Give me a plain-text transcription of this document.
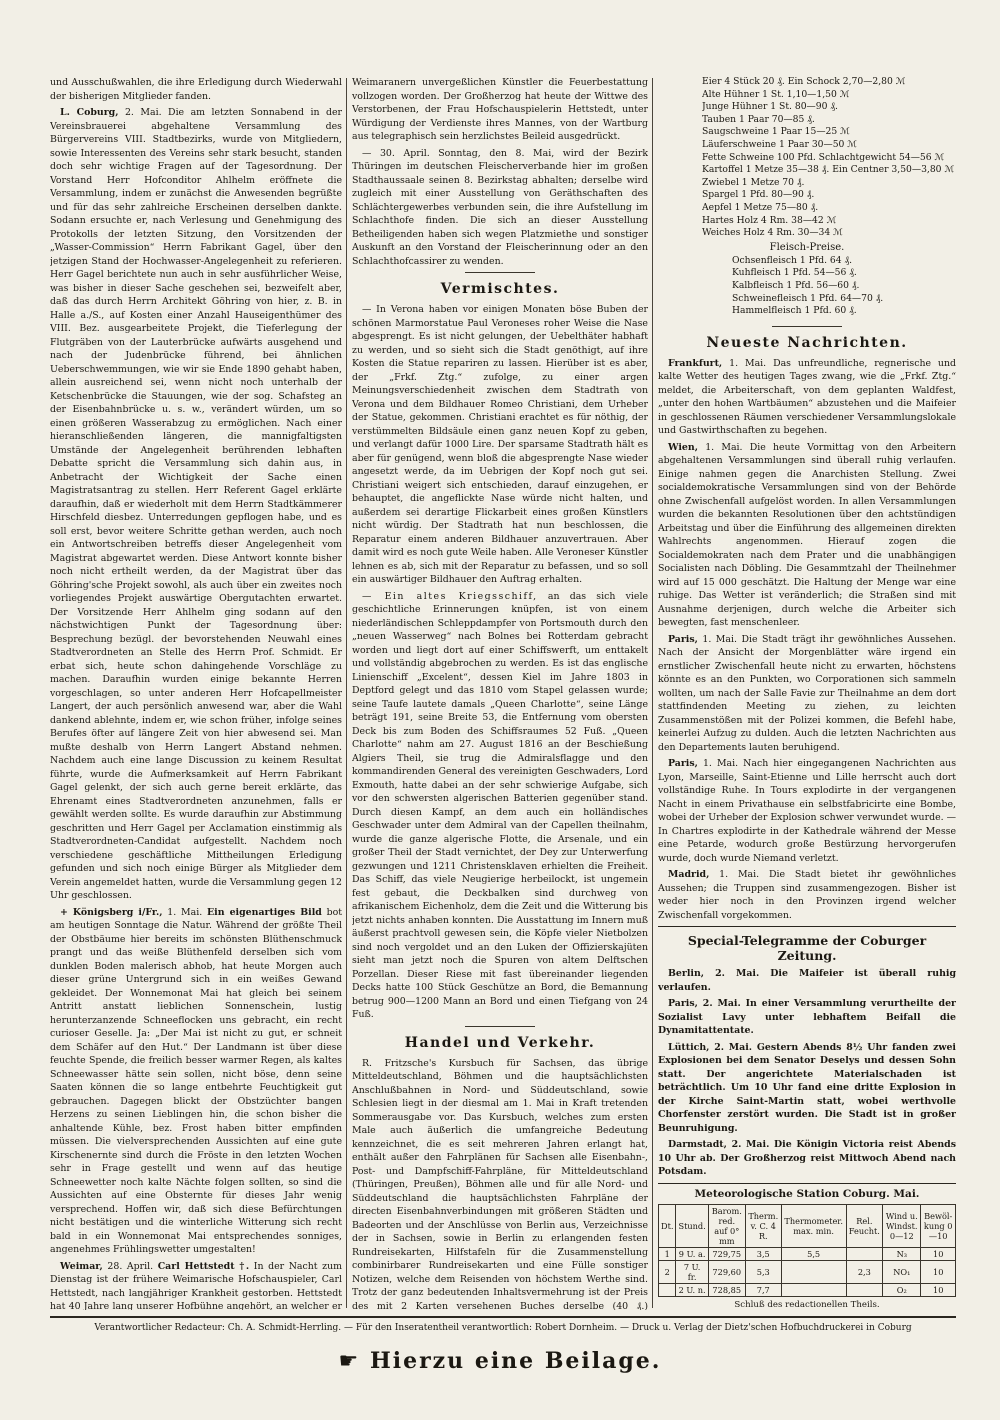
und Ausschußwahlen, die ihre Erledigung durch Wiederwahl der bisherigen Mitglieder fanden.

L. Coburg, 2. Mai. Die am letzten Sonnabend in der Vereinsbrauerei abgehaltene Versammlung des Bürgervereins VIII. Stadtbezirks, wurde von Mitgliedern, sowie Interessenten des Vereins sehr stark besucht, standen doch sehr wichtige Fragen auf der Tagesordnung. Der Vorstand Herr Hofconditor Ahlhelm eröffnete die Versammlung, indem er zunächst die Anwesenden begrüßte und für das sehr zahlreiche Erscheinen derselben dankte. Sodann ersuchte er, nach Verlesung und Genehmigung des Protokolls der letzten Sitzung, den Vorsitzenden der „Wasser-Commission“ Herrn Fabrikant Gagel, über den jetzigen Stand der Hochwasser-Angelegenheit zu referieren. Herr Gagel berichtete nun auch in sehr ausführlicher Weise, was bisher in dieser Sache geschehen sei, bezweifelt aber, daß das durch Herrn Architekt Göhring von hier, z. B. in Halle a./S., auf Kosten einer Anzahl Hauseigenthümer des VIII. Bez. ausgearbeitete Projekt, die Tieferlegung der Flutgräben von der Lauterbrücke aufwärts ausgehend und nach der Judenbrücke führend, bei ähnlichen Ueberschwemmungen, wie wir sie Ende 1890 gehabt haben, allein ausreichend sei, wenn nicht noch unterhalb der Ketschenbrücke die Stauungen, wie der sog. Schafsteg an der Eisenbahnbrücke u. s. w., verändert würden, um so einen größeren Wasserabzug zu ermöglichen. Nach einer hieranschließenden längeren, die mannigfaltigsten Umstände der Angelegenheit berührenden lebhaften Debatte spricht die Versammlung sich dahin aus, in Anbetracht der Wichtigkeit der Sache einen Magistratsantrag zu stellen. Herr Referent Gagel erklärte daraufhin, daß er wiederholt mit dem Herrn Stadtkämmerer Hirschfeld diesbez. Unterredungen gepflogen habe, und es soll erst, bevor weitere Schritte gethan werden, auch noch ein Antwortschreiben betreffs dieser Angelegenheit vom Magistrat abgewartet werden. Diese Antwort konnte bisher noch nicht ertheilt werden, da der Magistrat über das Göhring'sche Projekt sowohl, als auch über ein zweites noch vorliegendes Projekt auswärtige Obergutachten erwartet. Der Vorsitzende Herr Ahlhelm ging sodann auf den nächstwichtigen Punkt der Tagesordnung über: Besprechung bezügl. der bevorstehenden Neuwahl eines Stadtverordneten an Stelle des Herrn Prof. Schmidt. Er erbat sich, heute schon dahingehende Vorschläge zu machen. Daraufhin wurden einige bekannte Herren vorgeschlagen, so unter anderen Herr Hofcapellmeister Langert, der auch persönlich anwesend war, aber die Wahl dankend ablehnte, indem er, wie schon früher, infolge seines Berufes öfter auf längere Zeit von hier abwesend sei. Man mußte deshalb von Herrn Langert Abstand nehmen. Nachdem auch eine lange Discussion zu keinem Resultat führte, wurde die Aufmerksamkeit auf Herrn Fabrikant Gagel gelenkt, der sich auch gerne bereit erklärte, das Ehrenamt eines Stadtverordneten anzunehmen, falls er gewählt werden sollte. Es wurde daraufhin zur Abstimmung geschritten und Herr Gagel per Acclamation einstimmig als Stadtverordneten-Candidat aufgestellt. Nachdem noch verschiedene geschäftliche Mittheilungen Erledigung gefunden und sich noch einige Bürger als Mitglieder dem Verein angemeldet hatten, wurde die Versammlung gegen 12 Uhr geschlossen.

+ Königsberg i/Fr., 1. Mai. Ein eigenartiges Bild bot am heutigen Sonntage die Natur. Während der größte Theil der Obstbäume hier bereits im schönsten Blüthenschmuck prangt und das weiße Blüthenfeld derselben sich vom dunklen Boden malerisch abhob, hat heute Morgen auch dieser grüne Untergrund sich in ein weißes Gewand gekleidet. Der Wonnemonat Mai hat gleich bei seinem Antritt anstatt lieblichen Sonnenschein, lustig herunterzanzende Schneeflocken uns gebracht, ein recht curioser Geselle. Ja: „Der Mai ist nicht zu gut, er schneit dem Schäfer auf den Hut.“ Der Landmann ist über diese feuchte Spende, die freilich besser warmer Regen, als kaltes Schneewasser hätte sein sollen, nicht böse, denn seine Saaten können die so lange entbehrte Feuchtigkeit gut gebrauchen. Dagegen blickt der Obstzüchter bangen Herzens zu seinen Lieblingen hin, die schon bisher die anhaltende Kühle, bez. Frost haben bitter empfinden müssen. Die vielversprechenden Aussichten auf eine gute Kirschenernte sind durch die Fröste in den letzten Wochen sehr in Frage gestellt und wenn auf das heutige Schneewetter noch kalte Nächte folgen sollten, so sind die Aussichten auf eine Obsternte für dieses Jahr wenig versprechend. Hoffen wir, daß sich diese Befürchtungen nicht bestätigen und die winterliche Witterung sich recht bald in ein Wonnemonat Mai entsprechendes sonniges, angenehmes Frühlingswetter umgestalten!

Weimar, 28. April. Carl Hettstedt †. In der Nacht zum Dienstag ist der frühere Weimarische Hofschauspieler, Carl Hettstedt, nach langjähriger Krankheit gestorben. Hettstedt hat 40 Jahre lang unserer Hofbühne angehört, an welcher er

Weimaranern unvergeßlichen Künstler die Feuerbestattung vollzogen worden. Der Großherzog hat heute der Wittwe des Verstorbenen, der Frau Hofschauspielerin Hettstedt, unter Würdigung der Verdienste ihres Mannes, von der Wartburg aus telegraphisch sein herzlichstes Beileid ausgedrückt.

— 30. April. Sonntag, den 8. Mai, wird der Bezirk Thüringen im deutschen Fleischerverbande hier im großen Stadthaussaale seinen 8. Bezirkstag abhalten; derselbe wird zugleich mit einer Ausstellung von Geräthschaften des Schlächtergewerbes verbunden sein, die ihre Aufstellung im Schlachthofe finden. Die sich an dieser Ausstellung Betheiligenden haben sich wegen Platzmiethe und sonstiger Auskunft an den Vorstand der Fleischerinnung oder an den Schlachthofcassirer zu wenden.

Vermischtes.

— In Verona haben vor einigen Monaten böse Buben der schönen Marmorstatue Paul Veroneses roher Weise die Nase abgesprengt. Es ist nicht gelungen, der Uebelthäter habhaft zu werden, und so sieht sich die Stadt genöthigt, auf ihre Kosten die Statue repariren zu lassen. Hierüber ist es aber, der „Frkf. Ztg.“ zufolge, zu einer argen Meinungsverschiedenheit zwischen dem Stadtrath von Verona und dem Bildhauer Romeo Christiani, dem Urheber der Statue, gekommen. Christiani erachtet es für nöthig, der verstümmelten Bildsäule einen ganz neuen Kopf zu geben, und verlangt dafür 1000 Lire. Der sparsame Stadtrath hält es aber für genügend, wenn bloß die abgesprengte Nase wieder angesetzt werde, da im Uebrigen der Kopf noch gut sei. Christiani weigert sich entschieden, darauf einzugehen, er behauptet, die angeflickte Nase würde nicht halten, und außerdem sei derartige Flickarbeit eines großen Künstlers nicht würdig. Der Stadtrath hat nun beschlossen, die Reparatur einem anderen Bildhauer anzuvertrauen. Aber damit wird es noch gute Weile haben. Alle Veroneser Künstler lehnen es ab, sich mit der Reparatur zu befassen, und so soll ein auswärtiger Bildhauer den Auftrag erhalten.

— Ein altes Kriegsschiff, an das sich viele geschichtliche Erinnerungen knüpfen, ist von einem niederländischen Schleppdampfer von Portsmouth durch den „neuen Wasserweg“ nach Bolnes bei Rotterdam gebracht worden und liegt dort auf einer Schiffswerft, um enttakelt und vollständig abgebrochen zu werden. Es ist das englische Linienschiff „Excelent“, dessen Kiel im Jahre 1803 in Deptford gelegt und das 1810 vom Stapel gelassen wurde; seine Taufe lautete damals „Queen Charlotte“, seine Länge beträgt 191, seine Breite 53, die Entfernung vom obersten Deck bis zum Boden des Schiffsraumes 52 Fuß. „Queen Charlotte“ nahm am 27. August 1816 an der Beschießung Algiers Theil, sie trug die Admiralsflagge und den kommandirenden General des vereinigten Geschwaders, Lord Exmouth, hatte dabei an der sehr schwierige Aufgabe, sich vor den schwersten algerischen Batterien gegenüber stand. Durch diesen Kampf, an dem auch ein holländisches Geschwader unter dem Admiral van der Capellen theilnahm, wurde die ganze algerische Flotte, die Arsenale, und ein großer Theil der Stadt vernichtet, der Dey zur Unterwerfung gezwungen und 1211 Christensklaven erhielten die Freiheit. Das Schiff, das viele Neugierige herbeilockt, ist ungemein fest gebaut, die Deckbalken sind durchweg von afrikanischem Eichenholz, dem die Zeit und die Witterung bis jetzt nichts anhaben konnten. Die Ausstattung im Innern muß äußerst prachtvoll gewesen sein, die Köpfe vieler Nietbolzen sind noch vergoldet und an den Luken der Offizierskajüten sieht man jetzt noch die Spuren von altem Delftschen Porzellan. Dieser Riese mit fast übereinander liegenden Decks hatte 100 Stück Geschütze an Bord, die Bemannung betrug 900—1200 Mann an Bord und einen Tiefgang von 24 Fuß.

Handel und Verkehr.

R. Fritzsche's Kursbuch für Sachsen, das übrige Mitteldeutschland, Böhmen und die hauptsächlichsten Anschlußbahnen in Nord- und Süddeutschland, sowie Schlesien liegt in der diesmal am 1. Mai in Kraft tretenden Sommerausgabe vor. Das Kursbuch, welches zum ersten Male auch äußerlich die umfangreiche Bedeutung kennzeichnet, die es seit mehreren Jahren erlangt hat, enthält außer den Fahrplänen für Sachsen alle Eisenbahn-, Post- und Dampfschiff-Fahrpläne, für Mitteldeutschland (Thüringen, Preußen), Böhmen alle und für alle Nord- und Süddeutschland die hauptsächlichsten Fahrpläne der directen Eisenbahnverbindungen mit größeren Städten und Badeorten und der Anschlüsse von Berlin aus, Verzeichnisse der in Sachsen, sowie in Berlin zu erlangenden festen Rundreisekarten, Hilfstafeln für die Zusammenstellung combinirbarer Rundreisekarten und eine Fülle sonstiger Notizen, welche dem Reisenden von höchstem Werthe sind. Trotz der ganz bedeutenden Inhaltsvermehrung ist der Preis des mit 2 Karten versehenen Buches derselbe (40 ₰.)

Eier 4 Stück 20 ₰. Ein Schock 2,70—2,80 ℳ
Alte Hühner 1 St. 1,10—1,50 ℳ
Junge Hühner 1 St. 80—90 ₰.
Tauben 1 Paar 70—85 ₰.
Saugschweine 1 Paar 15—25 ℳ
Läuferschweine 1 Paar 30—50 ℳ
Fette Schweine 100 Pfd. Schlachtgewicht 54—56 ℳ
Kartoffel 1 Metze 35—38 ₰. Ein Centner 3,50—3,80 ℳ
Zwiebel 1 Metze 70 ₰.
Spargel 1 Pfd. 80—90 ₰.
Aepfel 1 Metze 75—80 ₰.
Hartes Holz 4 Rm. 38—42 ℳ
Weiches Holz 4 Rm. 30—34 ℳ
Fleisch-Preise.
Ochsenfleisch 1 Pfd. 64 ₰.
Kuhfleisch 1 Pfd. 54—56 ₰.
Kalbfleisch 1 Pfd. 56—60 ₰.
Schweinefleisch 1 Pfd. 64—70 ₰.
Hammelfleisch 1 Pfd. 60 ₰.
Neueste Nachrichten.

Frankfurt, 1. Mai. Das unfreundliche, regnerische und kalte Wetter des heutigen Tages zwang, wie die „Frkf. Ztg.“ meldet, die Arbeiterschaft, von dem geplanten Waldfest, „unter den hohen Wartbäumen“ abzustehen und die Maifeier in geschlossenen Räumen verschiedener Versammlungslokale und Gastwirthschaften zu begehen.

Wien, 1. Mai. Die heute Vormittag von den Arbeitern abgehaltenen Versammlungen sind überall ruhig verlaufen. Einige nahmen gegen die Anarchisten Stellung. Zwei socialdemokratische Versammlungen sind von der Behörde ohne Zwischenfall aufgelöst worden. In allen Versammlungen wurden die bekannten Resolutionen über den achtstündigen Arbeitstag und über die Einführung des allgemeinen direkten Wahlrechts angenommen. Hierauf zogen die Socialdemokraten nach dem Prater und die unabhängigen Socialisten nach Döbling. Die Gesammtzahl der Theilnehmer wird auf 15 000 geschätzt. Die Haltung der Menge war eine ruhige. Das Wetter ist veränderlich; die Straßen sind mit Ausnahme derjenigen, durch welche die Arbeiter sich bewegten, fast menschenleer.

Paris, 1. Mai. Die Stadt trägt ihr gewöhnliches Aussehen. Nach der Ansicht der Morgenblätter wäre irgend ein ernstlicher Zwischenfall heute nicht zu erwarten, höchstens könnte es an den Punkten, wo Corporationen sich sammeln wollten, um nach der Salle Favie zur Theilnahme an dem dort stattfindenden Meeting zu ziehen, zu leichten Zusammenstößen mit der Polizei kommen, die Befehl habe, keinerlei Aufzug zu dulden. Auch die letzten Nachrichten aus den Departements lauten beruhigend.

Paris, 1. Mai. Nach hier eingegangenen Nachrichten aus Lyon, Marseille, Saint-Etienne und Lille herrscht auch dort vollständige Ruhe. In Tours explodirte in der vergangenen Nacht in einem Privathause ein selbstfabricirte eine Bombe, wobei der Urheber der Explosion schwer verwundet wurde. — In Chartres explodirte in der Kathedrale während der Messe eine Petarde, wodurch große Bestürzung hervorgerufen wurde, doch wurde Niemand verletzt.

Madrid, 1. Mai. Die Stadt bietet ihr gewöhnliches Aussehen; die Truppen sind zusammengezogen. Bisher ist weder hier noch in den Provinzen irgend welcher Zwischenfall vorgekommen.

Special-Telegramme der Coburger Zeitung.

Berlin, 2. Mai. Die Maifeier ist überall ruhig verlaufen.

Paris, 2. Mai. In einer Versammlung verurtheilte der Sozialist Lavy unter lebhaftem Beifall die Dynamitattentate.

Lüttich, 2. Mai. Gestern Abends 8½ Uhr fanden zwei Explosionen bei dem Senator Deselys und dessen Sohn statt. Der angerichtete Materialschaden ist beträchtlich. Um 10 Uhr fand eine dritte Explosion in der Kirche Saint-Martin statt, wobei werthvolle Chorfenster zerstört wurden. Die Stadt ist in großer Beunruhigung.

Darmstadt, 2. Mai. Die Königin Victoria reist Abends 10 Uhr ab. Der Großherzog reist Mittwoch Abend nach Potsdam.

Meteorologische Station Coburg. Mai.
Dt.	Stund.	Barom. red. auf 0° mm	Therm. v. C. 4 R.	Thermometer. max. min.	Rel. Feucht.	Wind u. Windst. 0—12	Bewöl-kung 0—10
1	9 U. a.	729,75	3,5	5,5		N₃	10
2	7 U. fr.	729,60	5,3		2,3	NO₁	10
	2 U. n.	728,85	7,7			O₂	10
Schluß des redactionellen Theils.
Verantwortlicher Redacteur: Ch. A. Schmidt-Herrling. — Für den Inseratentheil verantwortlich: Robert Dornheim. — Druck u. Verlag der Dietz'schen Hofbuchdruckerei in Coburg
☛ Hierzu eine Beilage.
